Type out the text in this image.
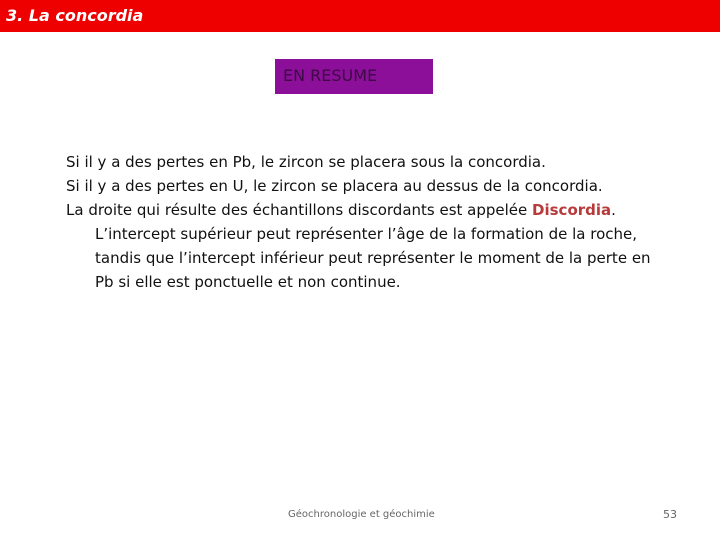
3. La concordia
EN RESUME

Si il y a des pertes en Pb, le zircon se placera sous la concordia.

Si il y a des pertes en U, le zircon se placera au dessus de la concordia.

La droite qui résulte des échantillons discordants est appelée Discordia. L’intercept supérieur peut représenter l’âge de la formation de la roche, tandis que l’intercept inférieur peut représenter le moment de la perte en Pb si elle est ponctuelle et non continue.

Géochronologie et géochimie	53
